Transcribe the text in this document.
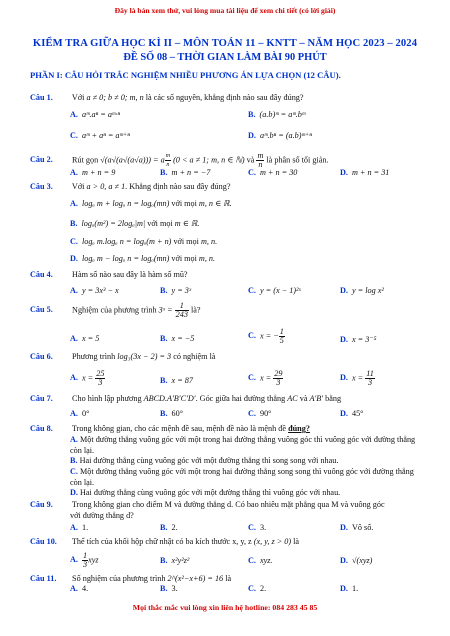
Đây là bản xem thử, vui lòng mua tài liệu để xem chi tiết (có lời giải)
KIỂM TRA GIỮA HỌC KÌ II – MÔN TOÁN 11 – KNTT – NĂM HỌC 2023 – 2024
ĐỀ SỐ 08 – THỜI GIAN LÀM BÀI 90 PHÚT
PHẦN I: CÂU HỎI TRẮC NGHIỆM NHIỀU PHƯƠNG ÁN LỰA CHỌN (12 CÂU).
Câu 1. Với a ≠ 0; b ≠ 0; m, n là các số nguyên, khẳng định nào sau đây đúng?
A. aᵐ.aⁿ = aᵐ·ⁿ	B. (a.b)ᵐ = aᵐ.bᵐ
C. aᵐ + aⁿ = aᵐ⁺ⁿ	D. aᵐ.bⁿ = (a.b)ᵐ⁺ⁿ
Câu 2. Rút gọn √(a√(a√(a√a))) = a $\frac{m}{n} (0 < a \ne 1$; m, n ∈ ℕ) và $\frac{m}{n}$ là phân số tối giản.
A. m + n = 9	B. m + n = −7	C. m + n = 30	D. m + n = 31
Câu 3. Với a > 0, a ≠ 1. Khẳng định nào sau đây đúng?
A. logₐ m + logₐ n = logₐ(mn) với mọi m, n ∈ ℝ.
B. logₐ(m²) = 2logₐ|m| với mọi m ∈ ℝ.
C. logₐ m.logₐ n = logₐ(m + n) với mọi m, n.
D. logₐ m − logₐ n = logₐ(mn) với mọi m, n.
Câu 4. Hàm số nào sau đây là hàm số mũ?
A. y = 3x³ − x	B. y = 3ˣ	C. y = (x − 1)²ˣ	D. y = log x²
Câu 5. Nghiệm của phương trình 3ˣ = $\frac{1}{243}$ là?
A. x = 5	B. x = −5	C. x = − $\frac{1}{5}$	D. x = 3⁻⁵
Câu 6. Phương trình log₃(3x − 2) = 3 có nghiệm là
A. $x = \frac{25}{3}$	B. x = 87	C. $x = \frac{29}{3}$	D. $x = \frac{11}{3}$
Câu 7. Cho hình lập phương ABCD.A′B′C′D′. Góc giữa hai đường thẳng AC và A′B′ bằng
A. 0°	B. 60°	C. 90°	D. 45°
Câu 8. Trong không gian, cho các mệnh đề sau, mệnh đề nào là mệnh đề đúng?
A. Một đường thẳng vuông góc với một trong hai đường thẳng vuông góc thì vuông góc với đường thẳng còn lại.
B. Hai đường thẳng cùng vuông góc với một đường thẳng thì song song với nhau.
C. Một đường thẳng vuông góc với một trong hai đường thẳng song song thì vuông góc với đường thẳng còn lại.
D. Hai đường thẳng cùng vuông góc với một đường thẳng thì vuông góc với nhau.
Câu 9. Trong không gian cho điểm M và đường thẳng d. Có bao nhiêu mặt phẳng qua M và vuông góc
với đường thẳng d?
A. 1.	B. 2.	C. 3.	D. Vô số.
Câu 10. Thể tích của khối hộp chữ nhật có ba kích thước x, y, z (x, y, z > 0) là
A. $\frac{1}{3}$ xyz	B. x²y²z²	C. xyz.	D. √(xyz)
Câu 11. Số nghiệm của phương trình 2^(x²−x+6) = 16 là
A. 4.	B. 3.	C. 2.	D. 1.
Mọi thắc mắc vui lòng xin liên hệ hotline: 084 283 45 85
